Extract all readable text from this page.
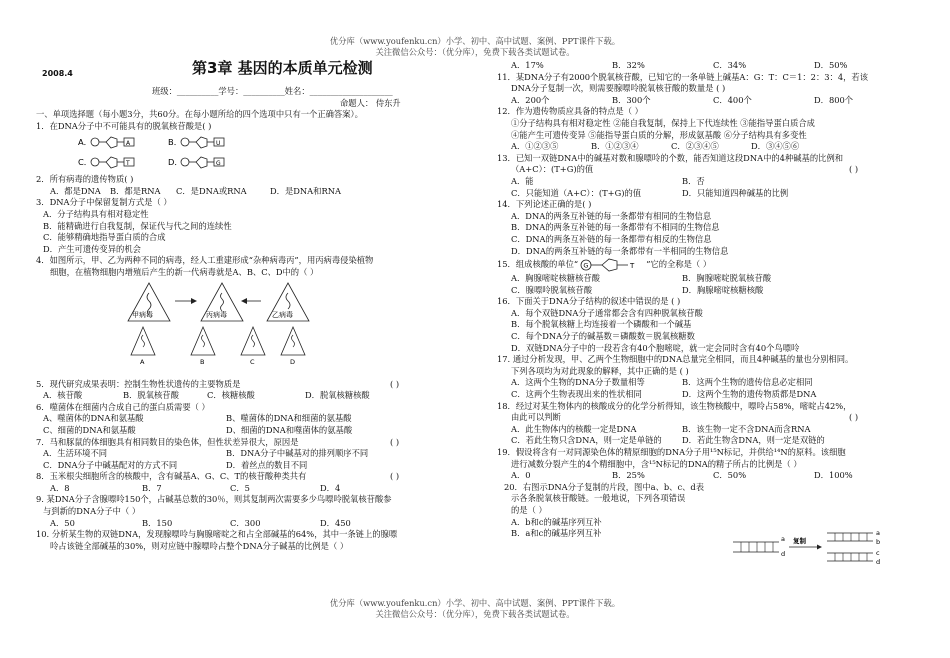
优分库（www.youfenku.cn）小学、初中、高中试题、案例、PPT课件下载。
关注微信公众号：（优分库），免费下载各类试题试卷。
2008.4	第3章 基因的本质单元检测
班级：__________学号：__________姓名：____________________
命题人： 侍东升
一、单项选择题（每小题3分，共60分。在每小题所给的四个选项中只有一个正确答案）。
1．在DNA分子中不可能具有的脱氧核苷酸是( )
A．	A	B．	U
C．	T	D．	G
2．所有病毒的遗传物质( )
A．都是DNA	B．都是RNA	C．是DNA或RNA	D．是DNA和RNA
3．DNA分子中保留复制方式是（ ）
A．分子结构具有相对稳定性
B．能精确进行自我复制，保证代与代之间的连续性
C．能够精确地指导蛋白质的合成
D．产生可遗传变异的机会
4．如图所示，甲、乙为两种不同的病毒，经人工重建形成“杂种病毒丙”，用丙病毒侵染植物
细胞，在植物细胞内增殖后产生的新一代病毒就是A、B、C、D中的（ ）
甲病毒	丙病毒	乙病毒
A	B	C	D
5．现代研究成果表明：控制生物性状遗传的主要物质是	( )
A．核苷酸	B．脱氧核苷酸	C．核糖核酸	D．脱氧核糖核酸
6．噬菌体在细菌内合成自己的蛋白质需要（ ）
A、噬菌体的DNA和氨基酸	B、噬菌体的DNA和细菌的氨基酸
C、细菌的DNA和氨基酸	D、细菌的DNA和噬菌体的氨基酸
7．马和豚鼠的体细胞具有相同数目的染色体，但性状差异很大，原因是	( )
A．生活环境不同	B．DNA分子中碱基对的排列顺序不同
C．DNA分子中碱基配对的方式不同	D．着丝点的数目不同
8．玉米根尖细胞所含的核酸中，含有碱基A、G、C、T的核苷酸种类共有	( )
A．8	B．7	C．5	D．4
9. 某DNA分子含腺嘌呤150个，占碱基总数的30％，则其复制两次需要多少鸟嘌呤脱氧核苷酸参
与到新的DNA分子中（ ）
A．50	B．150	C．300	D．450
10. 分析某生物的双链DNA，发现腺嘌呤与胸腺嘧啶之和占全部碱基的64%，其中一条链上的腺嘌
呤占该链全部碱基的30%，则对应链中腺嘌呤占整个DNA分子碱基的比例是（ ）
A．17%	B．32%	C．34%	D．50%
11．某DNA分子有2000个脱氧核苷酸，已知它的一条单链上碱基A：G：T：C＝1：2：3：4，若该
DNA分子复制一次，则需要腺嘌呤脱氧核苷酸的数量是 ( )
A．200个	B．300个	C．400个	D．800个
12．作为遗传物质应具备的特点是（ ）
①分子结构具有相对稳定性 ②能自我复制，保持上下代连续性 ③能指导蛋白质合成
④能产生可遗传变异 ⑤能指导蛋白质的分解，形成氨基酸 ⑥分子结构具有多变性
A．①②③⑤	B．①②③④	C．②③④⑤	D．③④⑤⑥
13．已知一双链DNA中的碱基对数和腺嘌呤的个数，能否知道这段DNA中的4种碱基的比例和
（A+C）：(T+G)的值	( )
A．能	B．否
C．只能知道（A+C）：(T+G)的值	D．只能知道四种碱基的比例
14．下列论述正确的是( )
A．DNA的两条互补链的每一条都带有相同的生物信息
B．DNA的两条互补链的每一条都带有不相同的生物信息
C．DNA的两条互补链的每一条都带有相反的生物信息
D．DNA的两条互补链的每一条都带有一半相同的生物信息
15．组成核酸的单位“ G	T ”它的全称是（ ）
A．胸腺嘧啶核糖核苷酸	B．胸腺嘧啶脱氧核苷酸
C．腺嘌呤脱氧核苷酸	D．胸腺嘧啶核糖核酸
16．下面关于DNA分子结构的叙述中错误的是 ( )
A．每个双链DNA分子通常都会含有四种脱氧核苷酸
B．每个脱氧核糖上均连接着一个磷酸和一个碱基
C．每个DNA分子的碱基数＝磷酸数＝脱氧核糖数
D．双链DNA分子中的一段若含有40个胞嘧啶，就一定会同时含有40个鸟嘌呤
17. 通过分析发现，甲、乙两个生物细胞中的DNA总量完全相同，而且4种碱基的量也分别相同。
下列各项均为对此现象的解释，其中正确的是 ( )
A．这两个生物的DNA分子数量相等	B．这两个生物的遗传信息必定相同
C．这两个生物表现出来的性状相同	D．这两个生物的遗传物质都是DNA
18．经过对某生物体内的核酸成分的化学分析得知，该生物核酸中，嘌呤占58%，嘧啶占42%，
由此可以判断	( )
A．此生物体内的核酸一定是DNA	B．该生物一定不含DNA而含RNA
C．若此生物只含DNA，则一定是单链的	D．若此生物含DNA，则一定是双链的
19．假设将含有一对同源染色体的精原细胞的DNA分子用¹⁵N标记，并供给¹⁴N的原料。该细胞
进行减数分裂产生的4个精细胞中，含¹⁵N标记的DNA的精子所占的比例是（ ）
A．0	B．25%	C．50%	D．100%
20．右图示DNA分子复制的片段，图中a、b、c、d表
示各条脱氧核苷酸链。一般地说，下列各项错误
的是（ ）
A．b和c的碱基序列互补
B．a和c的碱基序列互补
a
d
复制
a
b
c
d
优分库（www.youfenku.cn）小学、初中、高中试题、案例、PPT课件下载。
关注微信公众号：（优分库），免费下载各类试题试卷。
